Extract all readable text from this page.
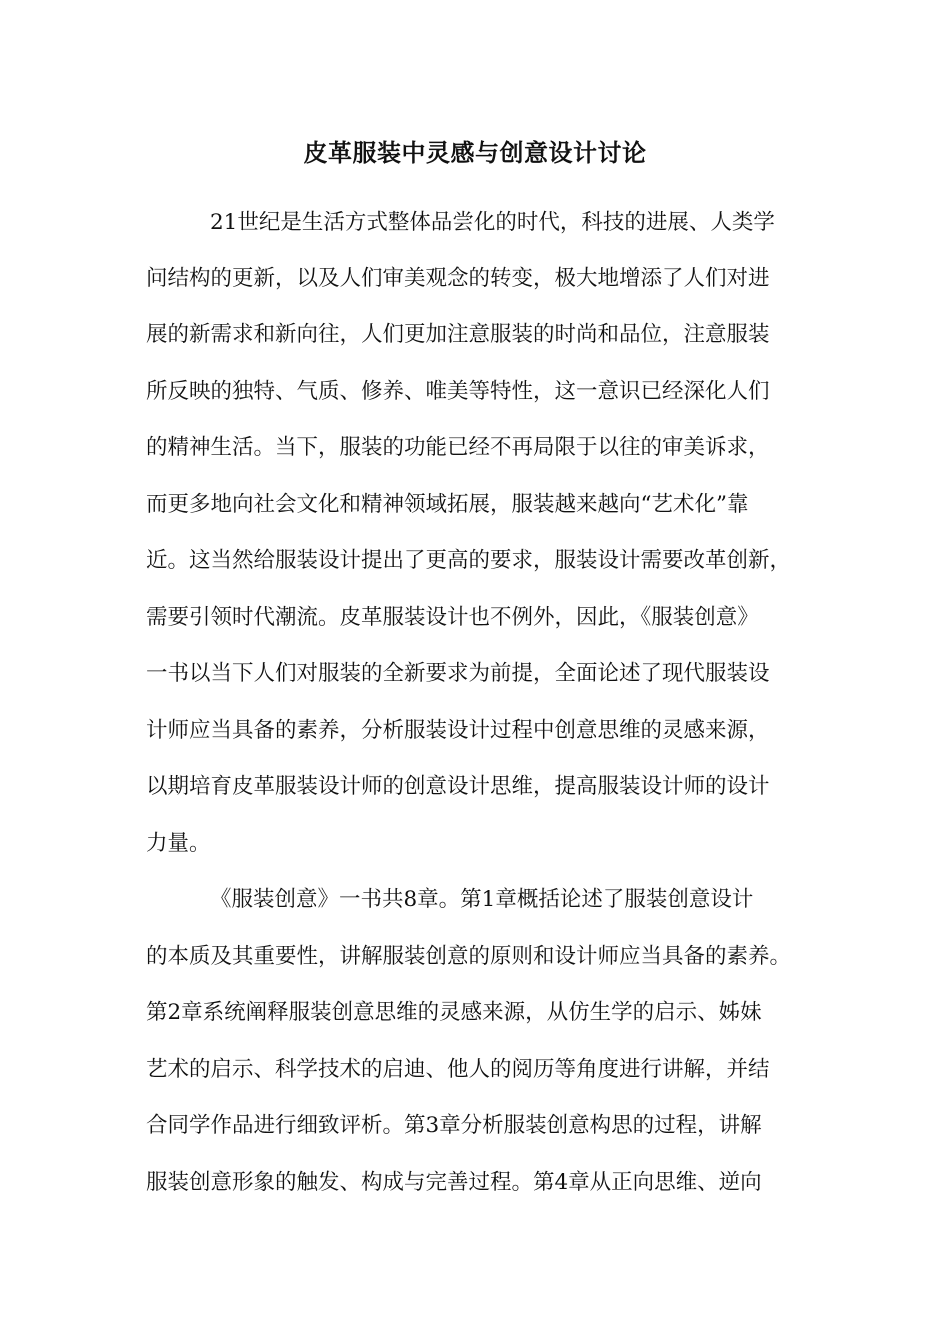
皮革服装中灵感与创意设计讨论
21世纪是生活方式整体品尝化的时代，科技的进展、人类学
问结构的更新，以及人们审美观念的转变，极大地增添了人们对进
展的新需求和新向往，人们更加注意服装的时尚和品位，注意服装
所反映的独特、气质、修养、唯美等特性，这一意识已经深化人们
的精神生活。当下，服装的功能已经不再局限于以往的审美诉求，
而更多地向社会文化和精神领域拓展，服装越来越向“艺术化”靠
近。这当然给服装设计提出了更高的要求，服装设计需要改革创新，
需要引领时代潮流。皮革服装设计也不例外，因此，《服装创意》
一书以当下人们对服装的全新要求为前提，全面论述了现代服装设
计师应当具备的素养，分析服装设计过程中创意思维的灵感来源，
以期培育皮革服装设计师的创意设计思维，提高服装设计师的设计
力量。
《服装创意》一书共8章。第1章概括论述了服装创意设计
的本质及其重要性，讲解服装创意的原则和设计师应当具备的素养。
第2章系统阐释服装创意思维的灵感来源，从仿生学的启示、姊妹
艺术的启示、科学技术的启迪、他人的阅历等角度进行讲解，并结
合同学作品进行细致评析。第3章分析服装创意构思的过程，讲解
服装创意形象的触发、构成与完善过程。第4章从正向思维、逆向
